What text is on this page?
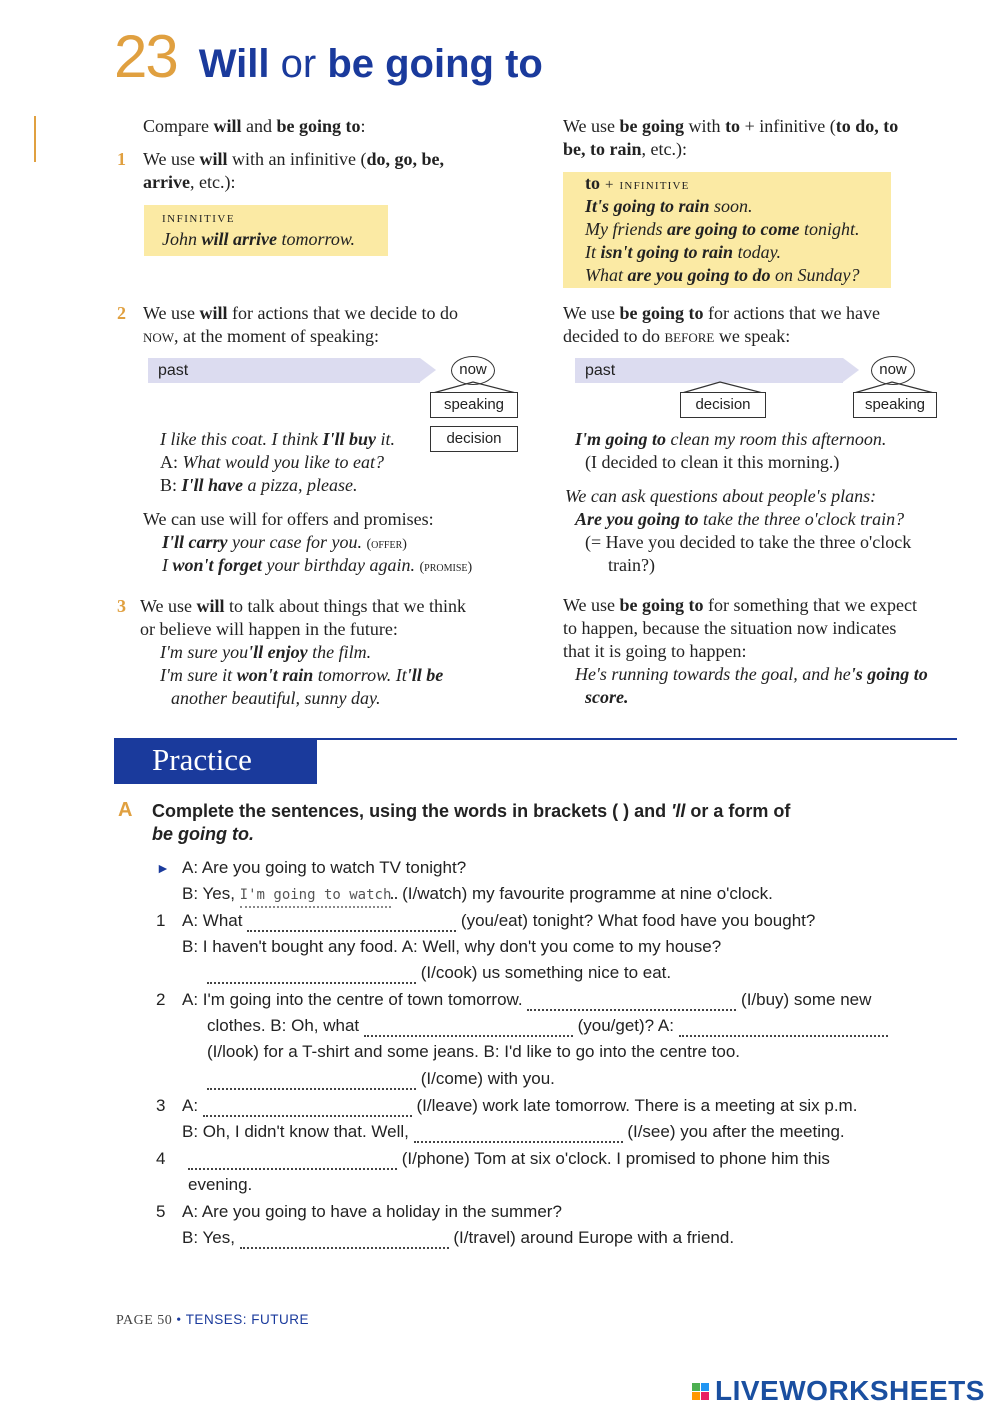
23 Will or be going to
Compare will and be going to:
1 We use will with an infinitive (do, go, be,
arrive, etc.):
infinitive
John will arrive tomorrow.
2 We use will for actions that we decide to do
now, at the moment of speaking:
past	now
speaking
decision
I like this coat. I think I'll buy it.
A: What would you like to eat?
B: I'll have a pizza, please.
We can use will for offers and promises:
I'll carry your case for you. (offer)
I won't forget your birthday again. (promise)
3 We use will to talk about things that we think
or believe will happen in the future:
I'm sure you'll enjoy the film.
I'm sure it won't rain tomorrow. It'll be
another beautiful, sunny day.
We use be going with to + infinitive (to do, to
be, to rain, etc.):
to + infinitive
It's going to rain soon.
My friends are going to come tonight.
It isn't going to rain today.
What are you going to do on Sunday?
We use be going to for actions that we have
decided to do before we speak:
past	now
decision	speaking
I'm going to clean my room this afternoon.
(I decided to clean it this morning.)
We can ask questions about people's plans:
Are you going to take the three o'clock train?
(= Have you decided to take the three o'clock
train?)
We use be going to for something that we expect
to happen, because the situation now indicates
that it is going to happen:
He's running towards the goal, and he's going to
score.
Practice
A Complete the sentences, using the words in brackets ( ) and 'll or a form of
be going to.
► A: Are you going to watch TV tonight?
B: Yes, I'm going to watch (I/watch) my favourite programme at nine o'clock.
1 A: What	(you/eat) tonight? What food have you bought?
B: I haven't bought any food. A: Well, why don't you come to my house?
(I/cook) us something nice to eat.
2 A: I'm going into the centre of town tomorrow.	(I/buy) some new
clothes. B: Oh, what	(you/get)? A:
(I/look) for a T-shirt and some jeans. B: I'd like to go into the centre too.
(I/come) with you.
3 A:	(I/leave) work late tomorrow. There is a meeting at six p.m.
B: Oh, I didn't know that. Well,	(I/see) you after the meeting.
4	(I/phone) Tom at six o'clock. I promised to phone him this
evening.
5 A: Are you going to have a holiday in the summer?
B: Yes,	(I/travel) around Europe with a friend.
PAGE 50 • TENSES: FUTURE
LIVEWORKSHEETS
